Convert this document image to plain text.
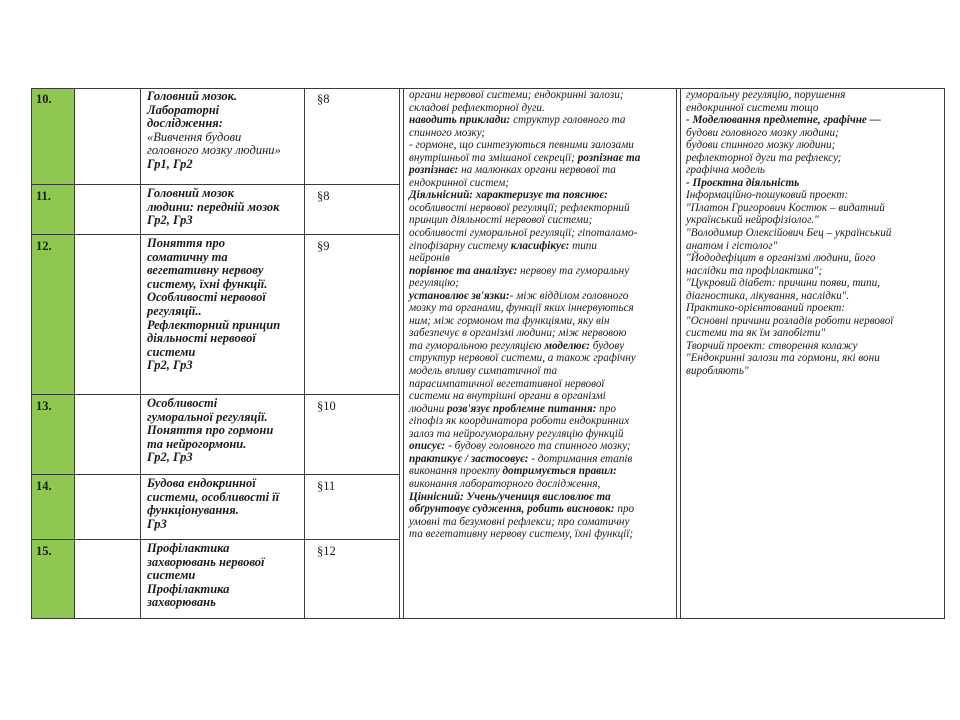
10.
11.
12.
13.
14.
15.
Головний мозок.
Лабораторні
дослідження:
«Вивчення будови
головного мозку людини»
Гр1, Гр2
Головний мозок
людини: передній мозок
Гр2, Гр3
Поняття про
соматичну та
вегетативну нервову
систему, їхні функції.
Особливості нервової
регуляції..
Рефлекторний принцип
діяльності нервової
системи
Гр2, Гр3
Особливості
гуморальної регуляції.
Поняття про гормони
та нейрогормони.
Гр2, Гр3
Будова ендокринної
системи, особливості її
функціонування.
Гр3
Профілактика
захворювань нервової
системи
Профілактика
захворювань
§8
§8
§9
§10
§11
§12
органи нервової системи; ендокринні залози;
складові рефлекторної дуги.
наводить приклади: структур головного та
спинного мозку;
- гормоне, що синтезуються певними залозами
внутрішньої та змішаної секреції; розпізнає та
розпізнає: на малюнках органи нервової та
ендокринної систем;
Діяльнісний: характеризує та пояснює:
особливості нервової регуляції; рефлекторний
принцип діяльності нервової системи;
особливості гуморальної регуляції; гіпоталамо-
гіпофізарну систему класифікує: типи
нейронів
порівнює та аналізує: нервову та гуморальну
регуляцію;
установлює зв'язки:- між відділом головного
мозку та органами, функції яких іннервуються
ним; між гормоном та функціями, яку він
забезпечує в організмі людини; між нервовою
та гуморальною регуляцією моделює: будову
структур нервової системи, а також графічну
модель впливу симпатичної та
парасимпатичної вегетативної нервової
системи на внутрішні органи в організмі
людини розв'язує проблемне питання: про
гіпофіз як координатора роботи ендокринних
залоз та нейрогуморальну регуляцію функцій
описує: - будову головного та спинного мозку;
практикує / застосовує: - дотримання етапів
виконання проекту дотримується правил:
виконання лабораторного дослідження,
Ціннісний: Учень/учениця висловлює та
обґрунтовує судження, робить висновок: про
умовні та безумовні рефлекси; про соматичну
та вегетативну нервову систему, їхні функції;
гуморальну регуляцію, порушення
ендокринної системи тощо
- Моделювання предметне, графічне —
будови головного мозку людини;
будови спинного мозку людини;
рефлекторної дуги та рефлексу;
графічна модель
- Проєктна діяльність
Інформаційно-пошуковий проект:
"Платон Григорович Костюк – видатний
український нейрофізіолог."
"Володимир Олексійович Бец – український
анатом і гістолог"
"Йододефіцит в організмі людини, його
наслідки та профілактика";
"Цукровий діабет: причини появи, типи,
діагностика, лікування, наслідки".
Практико-орієнтований проект:
"Основні причини розладів роботи нервової
системи та як їм запобігти"
Творчий проект: створення колажу
"Ендокринні залози та гормони, які вони
виробляють"
